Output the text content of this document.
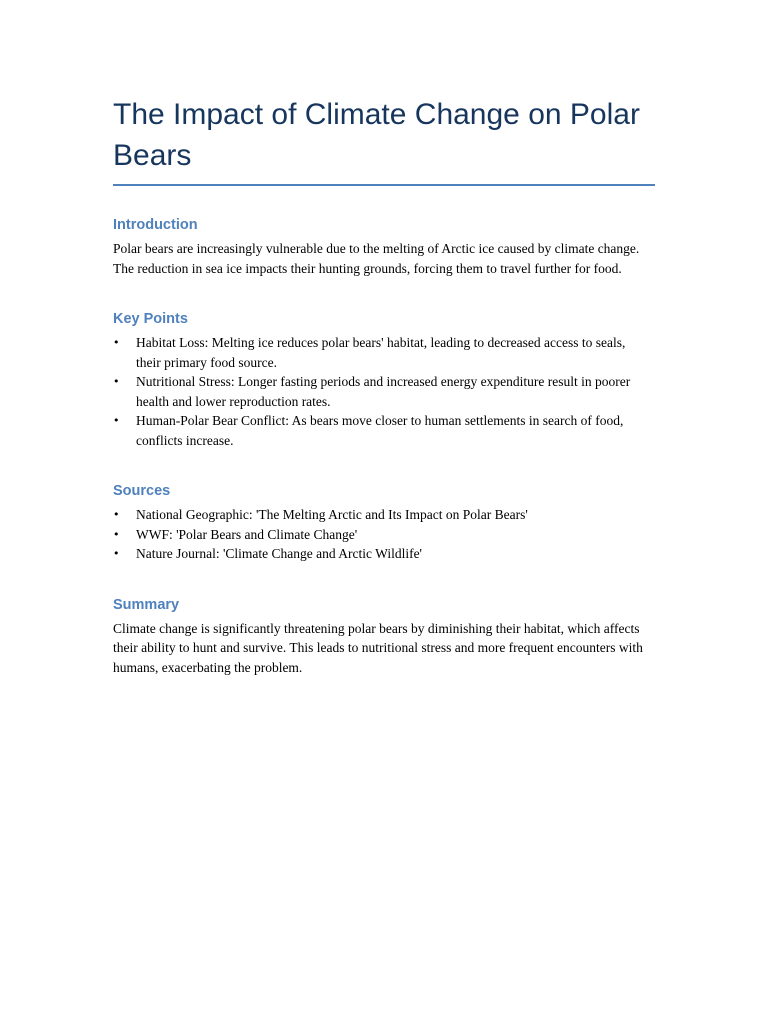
The Impact of Climate Change on Polar Bears
Introduction

Polar bears are increasingly vulnerable due to the melting of Arctic ice caused by climate change. The reduction in sea ice impacts their hunting grounds, forcing them to travel further for food.

Key Points
• Habitat Loss: Melting ice reduces polar bears' habitat, leading to decreased access to seals, their primary food source.
• Nutritional Stress: Longer fasting periods and increased energy expenditure result in poorer health and lower reproduction rates.
• Human-Polar Bear Conflict: As bears move closer to human settlements in search of food, conflicts increase.
Sources
• National Geographic: 'The Melting Arctic and Its Impact on Polar Bears'
• WWF: 'Polar Bears and Climate Change'
• Nature Journal: 'Climate Change and Arctic Wildlife'
Summary

Climate change is significantly threatening polar bears by diminishing their habitat, which affects their ability to hunt and survive. This leads to nutritional stress and more frequent encounters with humans, exacerbating the problem.
